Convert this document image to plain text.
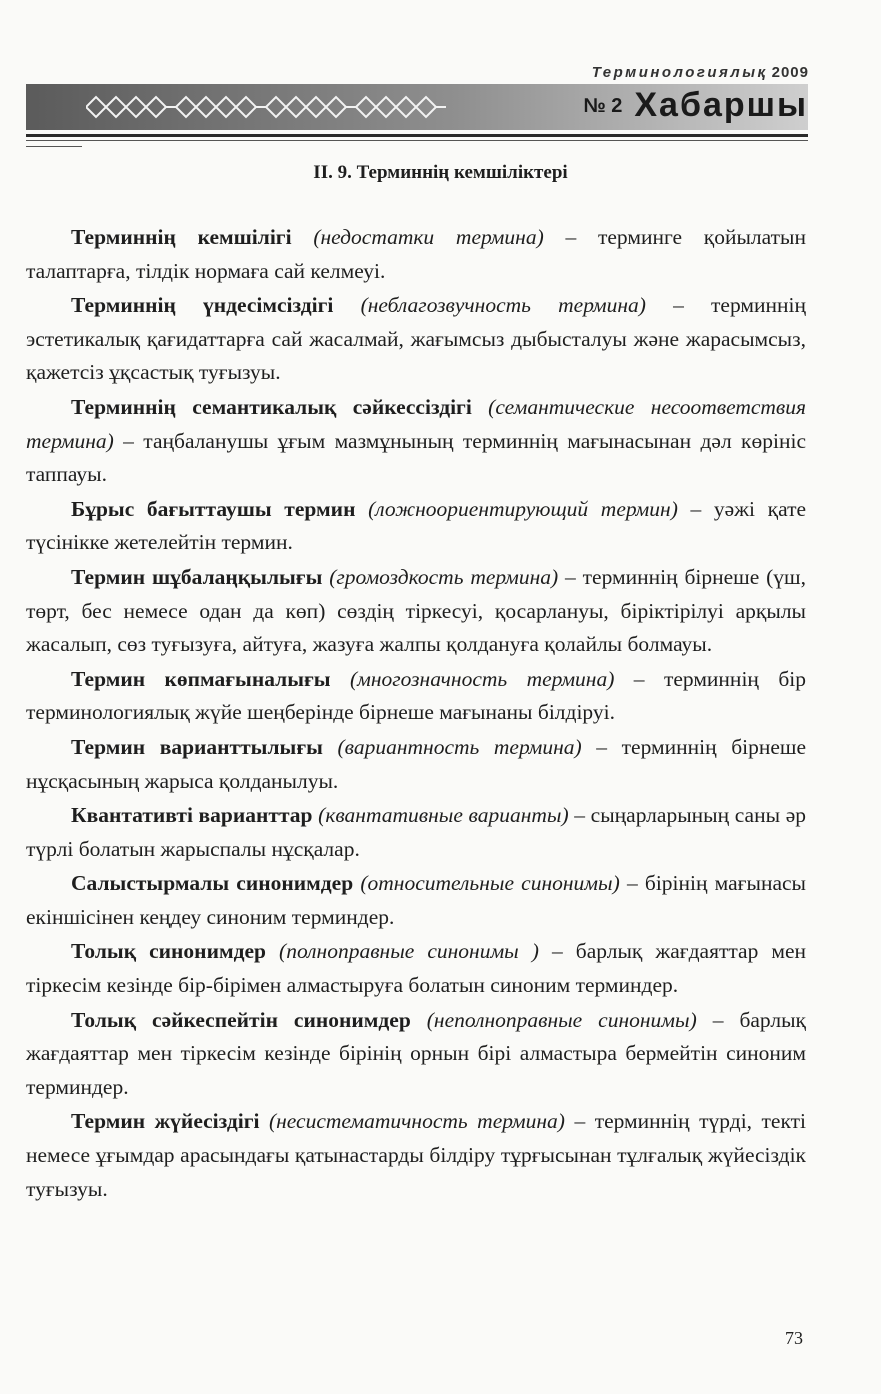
Терминологиялық 2009
№ 2 Хабаршы
II. 9. Терминнің кемшіліктері

Терминнің кемшілігі (недостатки термина) – терминге қойылатын талаптарға, тілдік нормаға сай келмеуі.

Терминнің үндесімсіздігі (неблагозвучность термина) – терминнің эстетикалық қағидаттарға сай жасалмай, жағымсыз дыбысталуы және жарасымсыз, қажетсіз ұқсастық туғызуы.

Терминнің семантикалық сәйкессіздігі (семантические несоответствия термина) – таңбаланушы ұғым мазмұнының терминнің мағынасынан дәл көрініс таппауы.

Бұрыс бағыттаушы термин (ложноориентирующий термин) – уәжі қате түсінікке жетелейтін термин.

Термин шұбалаңқылығы (громоздкость термина) – терминнің бірнеше (үш, төрт, бес немесе одан да көп) сөздің тіркесуі, қосарлануы, біріктірілуі арқылы жасалып, сөз туғызуға, айтуға, жазуға жалпы қолдануға қолайлы болмауы.

Термин көпмағыналығы (многозначность термина) – терминнің бір терминологиялық жүйе шеңберінде бірнеше мағынаны білдіруі.

Термин варианттылығы (вариантность термина) – терминнің бірнеше нұсқасының жарыса қолданылуы.

Квантативті варианттар (квантативные варианты) – сыңарларының саны әр түрлі болатын жарыспалы нұсқалар.

Салыстырмалы синонимдер (относительные синонимы) – бірінің мағынасы екіншісінен кеңдеу синоним терминдер.

Толық синонимдер (полноправные синонимы ) – барлық жағдаяттар мен тіркесім кезінде бір-бірімен алмастыруға болатын синоним терминдер.

Толық сәйкеспейтін синонимдер (неполноправные синонимы) – барлық жағдаяттар мен тіркесім кезінде бірінің орнын бірі алмастыра бермейтін синоним терминдер.

Термин жүйесіздігі (несистематичность термина) – терминнің түрді, тектi немесе ұғымдар арасындағы қатынастарды білдіру тұрғысынан тұлғалық жүйесіздік туғызуы.

73
